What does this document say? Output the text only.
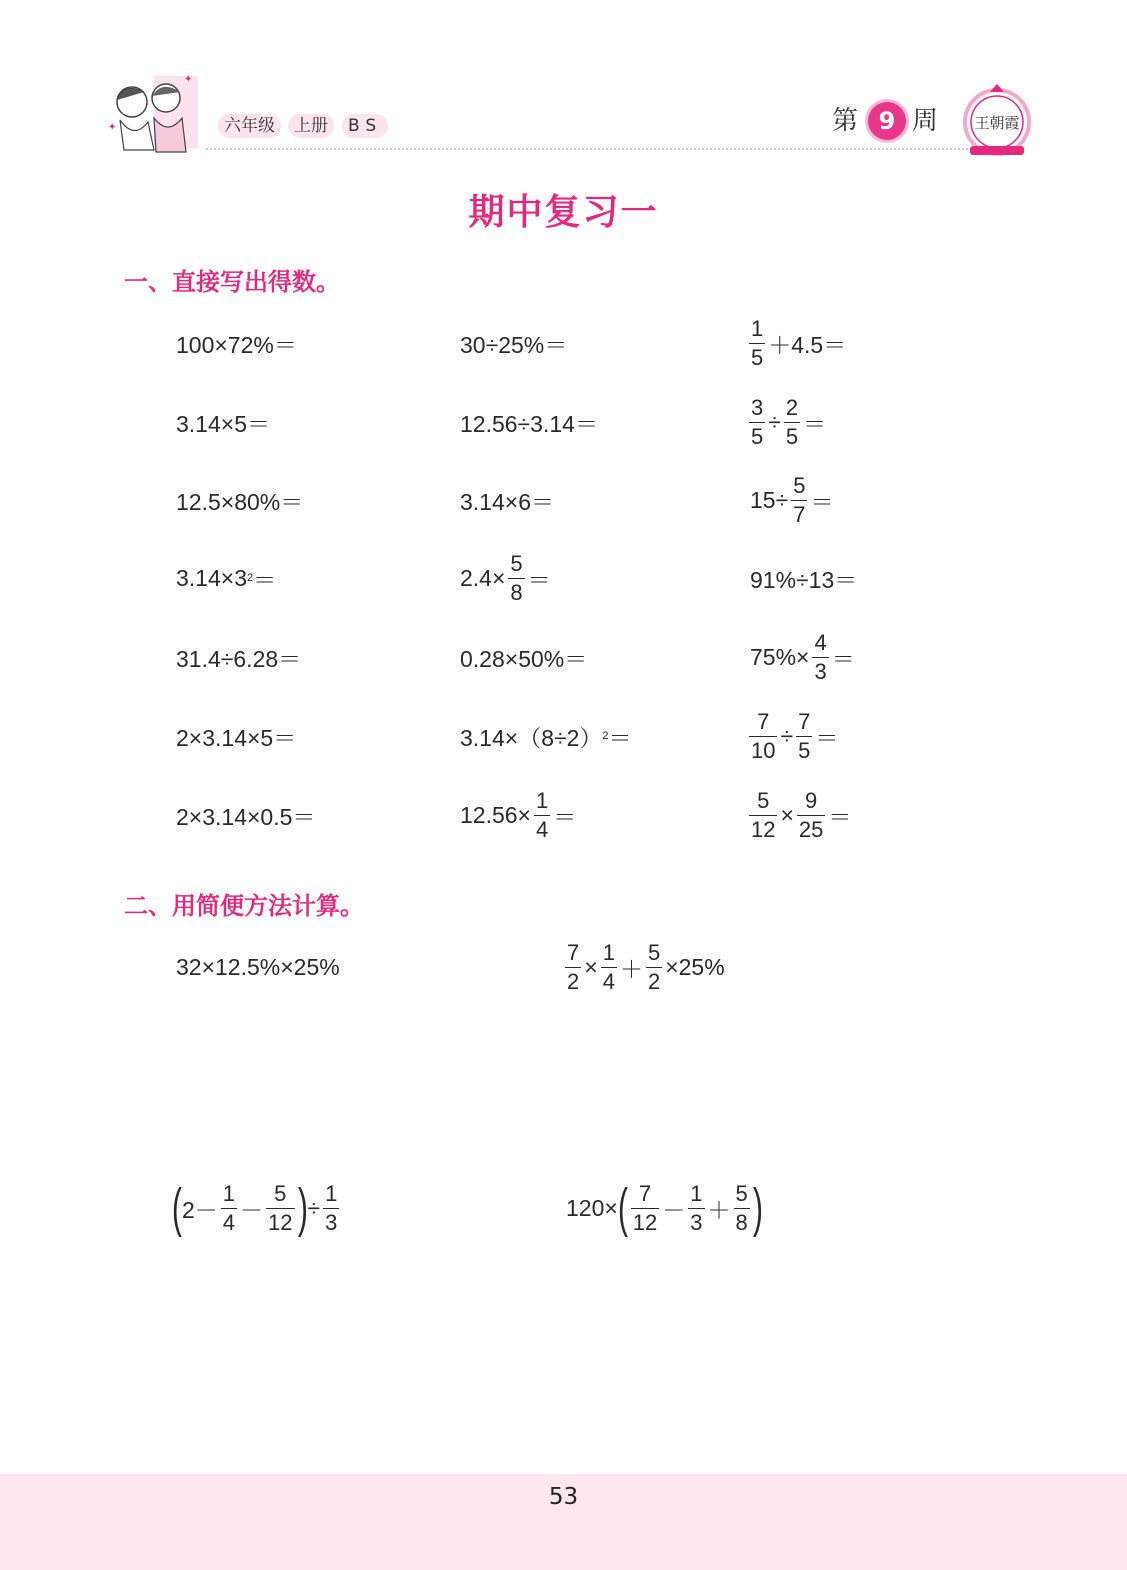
✦
✦	六年级	上册	BS	第 9 周 王朝霞
期中复习一
一、直接写出得数。
100×72%＝	30÷25%＝	$\frac{1}{5} +4.5=$
3.14×5＝	12.56÷3.14＝	$\frac{3}{5} \div \frac{2}{5}$ ＝
12.5×80%＝	3.14×6＝	$15\div \frac{5}{7}$ ＝
3.14×3 2 ＝	$2.4\times \frac{5}{8}$ ＝	91%÷13＝
31.4÷6.28＝	0.28×50%＝	$75\%\times \frac{4}{3}$ ＝
2×3.14×5＝	3.14×（8÷2） 2 ＝	$\frac{7}{10} \div \frac{7}{5}$ ＝
2×3.14×0.5＝	$12.56\times \frac{1}{4}$ ＝	$\frac{5}{12} \times \frac{9}{25}$ ＝
二、用简便方法计算。
32×12.5%×25%	$\frac{7}{2} \times \frac{1}{4} + \frac{5}{2} \times 25\%$
( $2- \frac{1}{4} - \frac{5}{12}$ ) ÷ $\frac{1}{3}$	120× ( $\frac{7}{12} - \frac{1}{3} + \frac{5}{8}$ )
53
